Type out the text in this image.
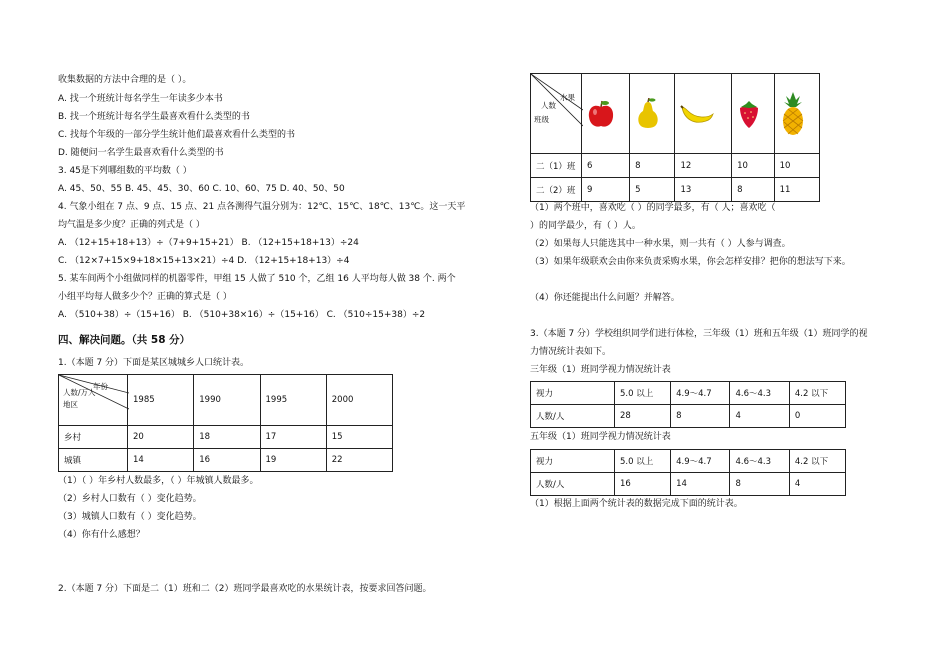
收集数据的方法中合理的是（ ）。
A. 找一个班统计每名学生一年读多少本书
B. 找一个班统计每名学生最喜欢看什么类型的书
C. 找每个年级的一部分学生统计他们最喜欢看什么类型的书
D. 随便问一名学生最喜欢看什么类型的书
3. 45是下列哪组数的平均数（ ）
A. 45、50、55 B. 45、45、30、60 C. 10、60、75 D. 40、50、50
4. 气象小组在 7 点、9 点、15 点、21 点各测得气温分别为：12℃、15℃、18℃、13℃。这一天平
均气温是多少度？正确的列式是（ ）
A. （12+15+18+13）÷（7+9+15+21） B. （12+15+18+13）÷24
C. （12×7+15×9+18×15+13×21）÷4 D. （12+15+18+13）÷4
5. 某车间两个小组做同样的机器零件，甲组 15 人做了 510 个，乙组 16 人平均每人做 38 个. 两个
小组平均每人做多少个？正确的算式是（ ）
A. （510+38）÷（15+16） B. （510+38×16）÷（15+16） C. （510÷15+38）÷2
四、解决问题。（共 58 分）
1.（本题 7 分）下面是某区城城乡人口统计表。
年份
人数/万人
地区	1985	1990	1995	2000
乡村	20	18	17	15
城镇	14	16	19	22
（1）（ ）年乡村人数最多，（ ）年城镇人数最多。
（2）乡村人口数有（ ）变化趋势。
（3）城镇人口数有（ ）变化趋势。
（4）你有什么感想？
2.（本题 7 分）下面是二（1）班和二（2）班同学最喜欢吃的水果统计表，按要求回答问题。
水果
人数
班级

二（1）班	6	8	12	10	10
二（2）班	9	5	13	8	11
（1）两个班中，喜欢吃（ ）的同学最多，有（ 人；喜欢吃（
）的同学最少，有（ ）人。
（2）如果每人只能选其中一种水果，则一共有（ ）人参与调查。
（3）如果年级联欢会由你来负责采购水果，你会怎样安排？把你的想法写下来。
（4）你还能提出什么问题？并解答。
3.（本题 7 分）学校组织同学们进行体检，三年级（1）班和五年级（1）班同学的视
力情况统计表如下。
三年级（1）班同学视力情况统计表
视力	5.0 以上	4.9～4.7	4.6～4.3	4.2 以下
人数/人	28	8	4	0
五年级（1）班同学视力情况统计表
视力	5.0 以上	4.9～4.7	4.6～4.3	4.2 以下
人数/人	16	14	8	4
（1）根据上面两个统计表的数据完成下面的统计表。
